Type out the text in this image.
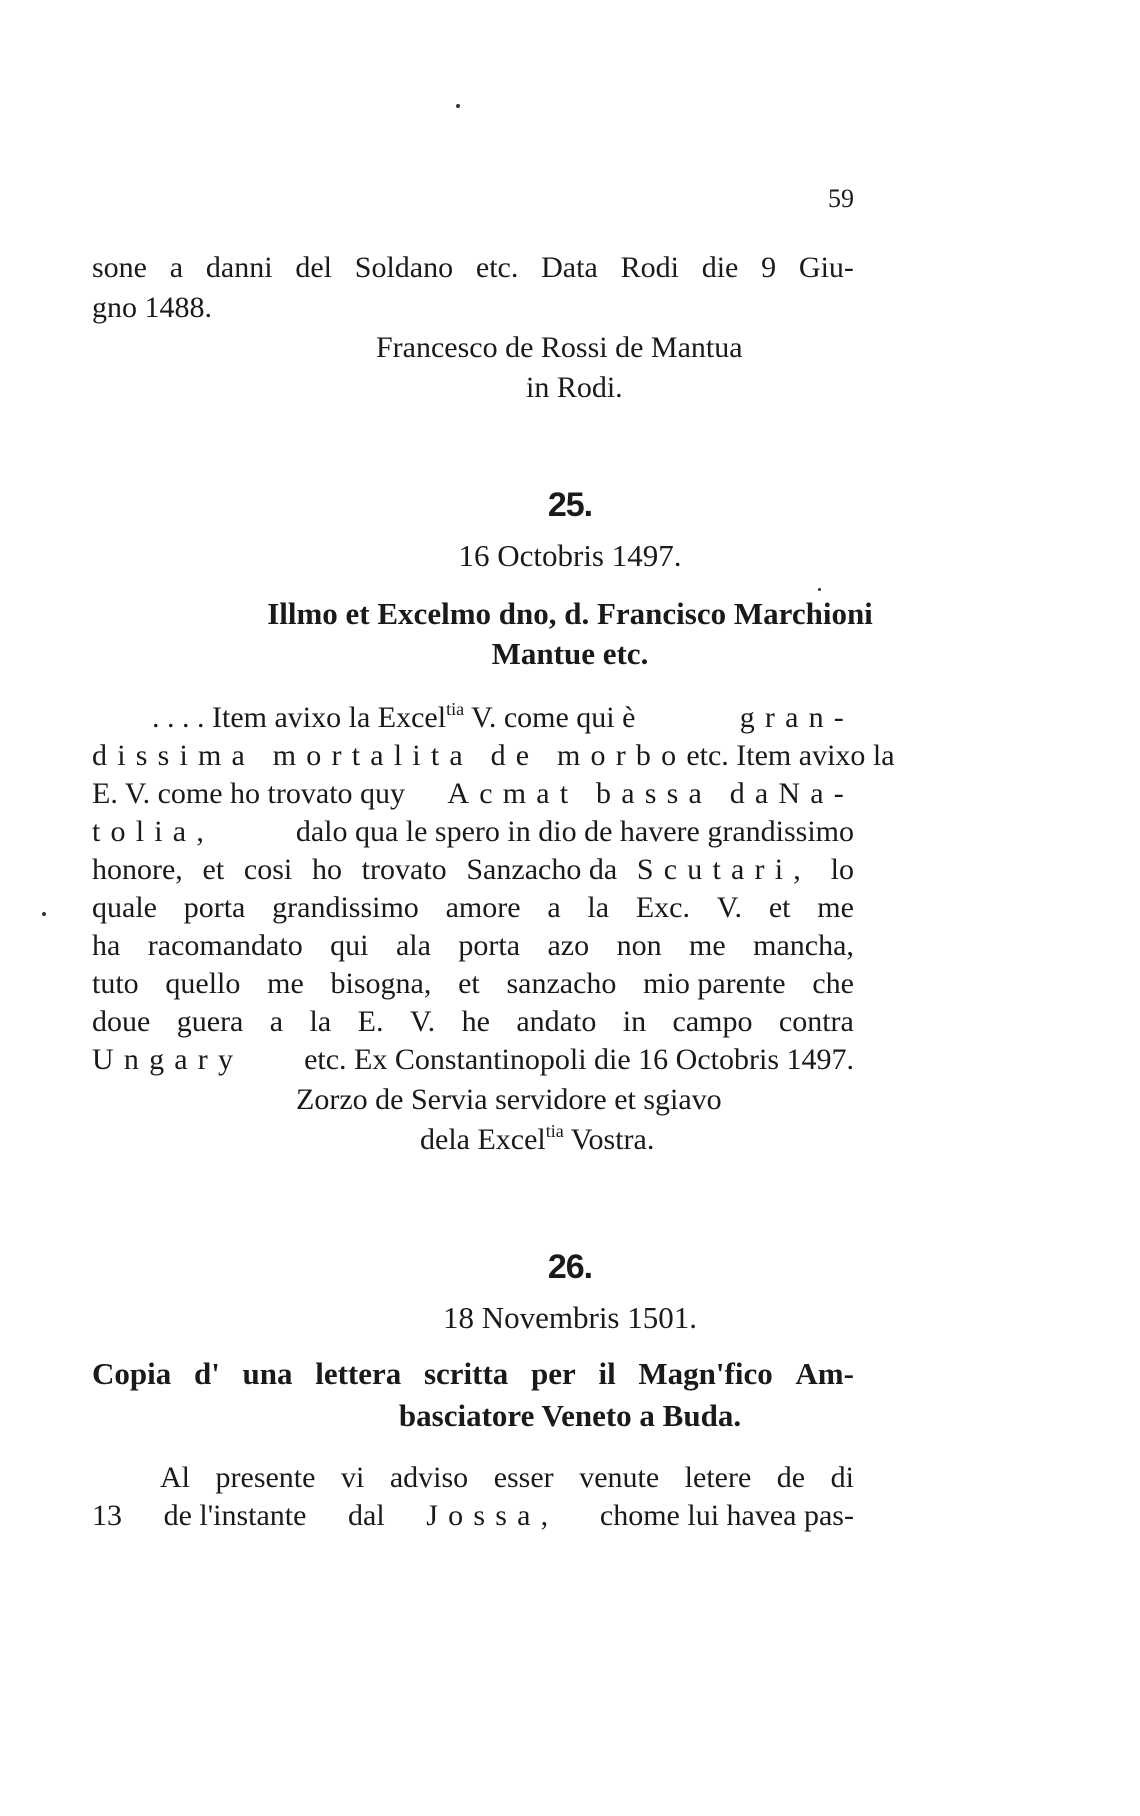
59
sone a danni del Soldano etc. Data Rodi die 9 Giu-
gno 1488.
Francesco de Rossi de Mantua
in Rodi.
25.
16 Octobris 1497.
Illmo et Excelmo dno, d. Francisco Marchioni
Mantue etc.
. . . . Item avixo la Excel$^{tia}$ V. come qui è	gran-
dissima mortalita de morbo etc. Item avixo la
E. V. come ho trovato quy Acmat bassa daNa-
tolia,	dalo qua le spero in dio de havere grandissimo
honore, et cosi ho trovato Sanzacho da Scutari, lo
quale porta grandissimo amore a la Exc. V. et me
ha racomandato qui ala porta azo non me mancha,
tuto quello me bisogna, et sanzacho mio parente che
doue guera a la E. V. he andato in campo contra
Ungary etc. Ex Constantinopoli die 16 Octobris 1497.
Zorzo de Servia servidore et sgiavo
dela Excel$^{tia}$ Vostra.
26.
18 Novembris 1501.
Copia d' una lettera scritta per il Magn'fico Am-
basciatore Veneto a Buda.
Al presente vi adviso esser venute letere de di
13 de l'instante dal Jossa, chome lui havea pas-
